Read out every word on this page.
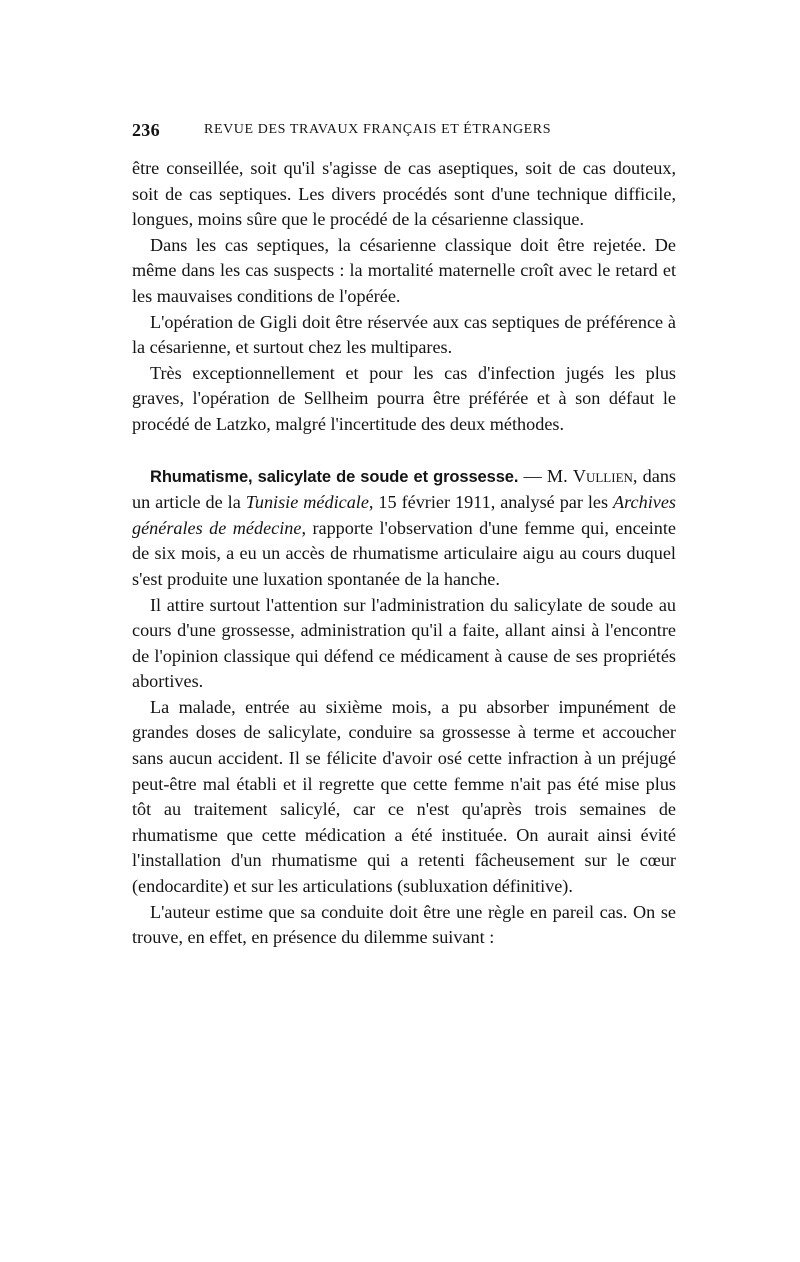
236	REVUE DES TRAVAUX FRANÇAIS ET ÉTRANGERS

être conseillée, soit qu'il s'agisse de cas aseptiques, soit de cas douteux, soit de cas septiques. Les divers procédés sont d'une technique difficile, longues, moins sûre que le procédé de la césarienne classique.

Dans les cas septiques, la césarienne classique doit être rejetée. De même dans les cas suspects : la mortalité maternelle croît avec le retard et les mauvaises conditions de l'opérée.

L'opération de Gigli doit être réservée aux cas septiques de préférence à la césarienne, et surtout chez les multipares.

Très exceptionnellement et pour les cas d'infection jugés les plus graves, l'opération de Sellheim pourra être préférée et à son défaut le procédé de Latzko, malgré l'incertitude des deux méthodes.

Rhumatisme, salicylate de soude et grossesse. — M. Vullien, dans un article de la Tunisie médicale, 15 février 1911, analysé par les Archives générales de médecine, rapporte l'observation d'une femme qui, enceinte de six mois, a eu un accès de rhumatisme articulaire aigu au cours duquel s'est produite une luxation spontanée de la hanche.

Il attire surtout l'attention sur l'administration du salicylate de soude au cours d'une grossesse, administration qu'il a faite, allant ainsi à l'encontre de l'opinion classique qui défend ce médicament à cause de ses propriétés abortives.

La malade, entrée au sixième mois, a pu absorber impunément de grandes doses de salicylate, conduire sa grossesse à terme et accoucher sans aucun accident. Il se félicite d'avoir osé cette infraction à un préjugé peut-être mal établi et il regrette que cette femme n'ait pas été mise plus tôt au traitement salicylé, car ce n'est qu'après trois semaines de rhumatisme que cette médication a été instituée. On aurait ainsi évité l'installation d'un rhumatisme qui a retenti fâcheusement sur le cœur (endocardite) et sur les articulations (subluxation définitive).

L'auteur estime que sa conduite doit être une règle en pareil cas. On se trouve, en effet, en présence du dilemme suivant :
